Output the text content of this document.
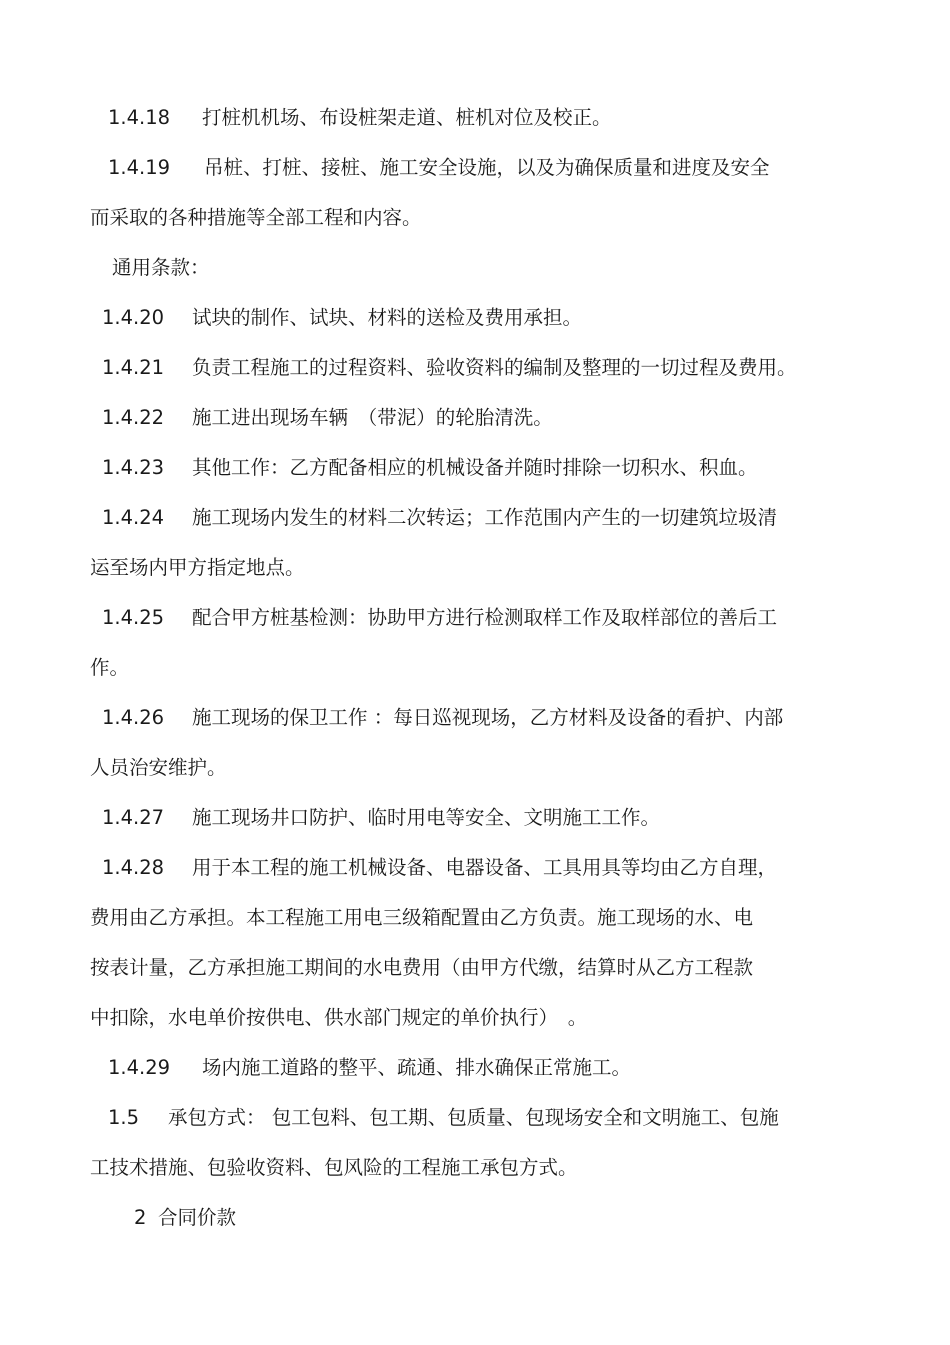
1.4.18 打桩机机场、布设桩架走道、桩机对位及校正。
1.4.19 吊桩、打桩、接桩、施工安全设施，以及为确保质量和进度及安全
而采取的各种措施等全部工程和内容。
通用条款：
1.4.20 试块的制作、试块、材料的送检及费用承担。
1.4.21 负责工程施工的过程资料、验收资料的编制及整理的一切过程及费用。
1.4.22 施工进出现场车辆　（带泥）的轮胎清洗。
1.4.23 其他工作：乙方配备相应的机械设备并随时排除一切积水、积血。
1.4.24 施工现场内发生的材料二次转运；工作范围内产生的一切建筑垃圾清
运至场内甲方指定地点。
1.4.25 配合甲方桩基检测：协助甲方进行检测取样工作及取样部位的善后工
作。
1.4.26 施工现场的保卫工作 ：每日巡视现场，乙方材料及设备的看护、内部
人员治安维护。
1.4.27 施工现场井口防护、临时用电等安全、文明施工工作。
1.4.28 用于本工程的施工机械设备、电器设备、工具用具等均由乙方自理，
费用由乙方承担。本工程施工用电三级箱配置由乙方负责。施工现场的水、电
按表计量，乙方承担施工期间的水电费用（由甲方代缴，结算时从乙方工程款
中扣除，水电单价按供电、供水部门规定的单价执行）　。
1.4.29 场内施工道路的整平、疏通、排水确保正常施工。
1.5 承包方式： 包工包料、包工期、包质量、包现场安全和文明施工、包施
工技术措施、包验收资料、包风险的工程施工承包方式。
2 合同价款
